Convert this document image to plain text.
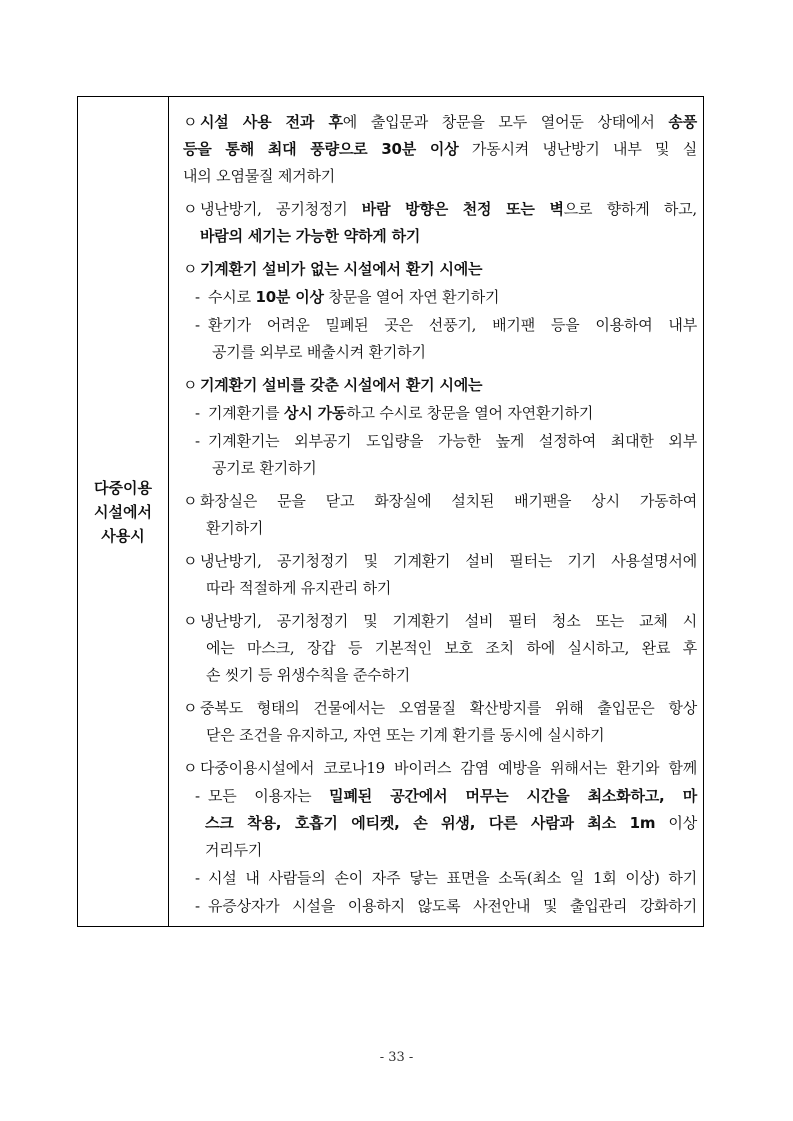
다중이용
시설에서
사용시
ㅇ 시설 사용 전과 후에 출입문과 창문을 모두 열어둔 상태에서 송풍
등을 통해 최대 풍량으로 30분 이상 가동시켜 냉난방기 내부 및 실
내의 오염물질 제거하기
ㅇ 냉난방기, 공기청정기 바람 방향은 천정 또는 벽으로 향하게 하고,
바람의 세기는 가능한 약하게 하기
ㅇ 기계환기 설비가 없는 시설에서 환기 시에는
- 수시로 10분 이상 창문을 열어 자연 환기하기
- 환기가 어려운 밀폐된 곳은 선풍기, 배기팬 등을 이용하여 내부
공기를 외부로 배출시켜 환기하기
ㅇ 기계환기 설비를 갖춘 시설에서 환기 시에는
- 기계환기를 상시 가동하고 수시로 창문을 열어 자연환기하기
- 기계환기는 외부공기 도입량을 가능한 높게 설정하여 최대한 외부
공기로 환기하기
ㅇ 화장실은 문을 닫고 화장실에 설치된 배기팬을 상시 가동하여
환기하기
ㅇ 냉난방기, 공기청정기 및 기계환기 설비 필터는 기기 사용설명서에
따라 적절하게 유지관리 하기
ㅇ 냉난방기, 공기청정기 및 기계환기 설비 필터 청소 또는 교체 시
에는 마스크, 장갑 등 기본적인 보호 조치 하에 실시하고, 완료 후
손 씻기 등 위생수칙을 준수하기
ㅇ 중복도 형태의 건물에서는 오염물질 확산방지를 위해 출입문은 항상
닫은 조건을 유지하고, 자연 또는 기계 환기를 동시에 실시하기
ㅇ 다중이용시설에서 코로나19 바이러스 감염 예방을 위해서는 환기와 함께
- 모든 이용자는 밀폐된 공간에서 머무는 시간을 최소화하고, 마
스크 착용, 호흡기 에티켓, 손 위생, 다른 사람과 최소 1m 이상
거리두기
- 시설 내 사람들의 손이 자주 닿는 표면을 소독(최소 일 1회 이상) 하기
- 유증상자가 시설을 이용하지 않도록 사전안내 및 출입관리 강화하기
- 33 -
